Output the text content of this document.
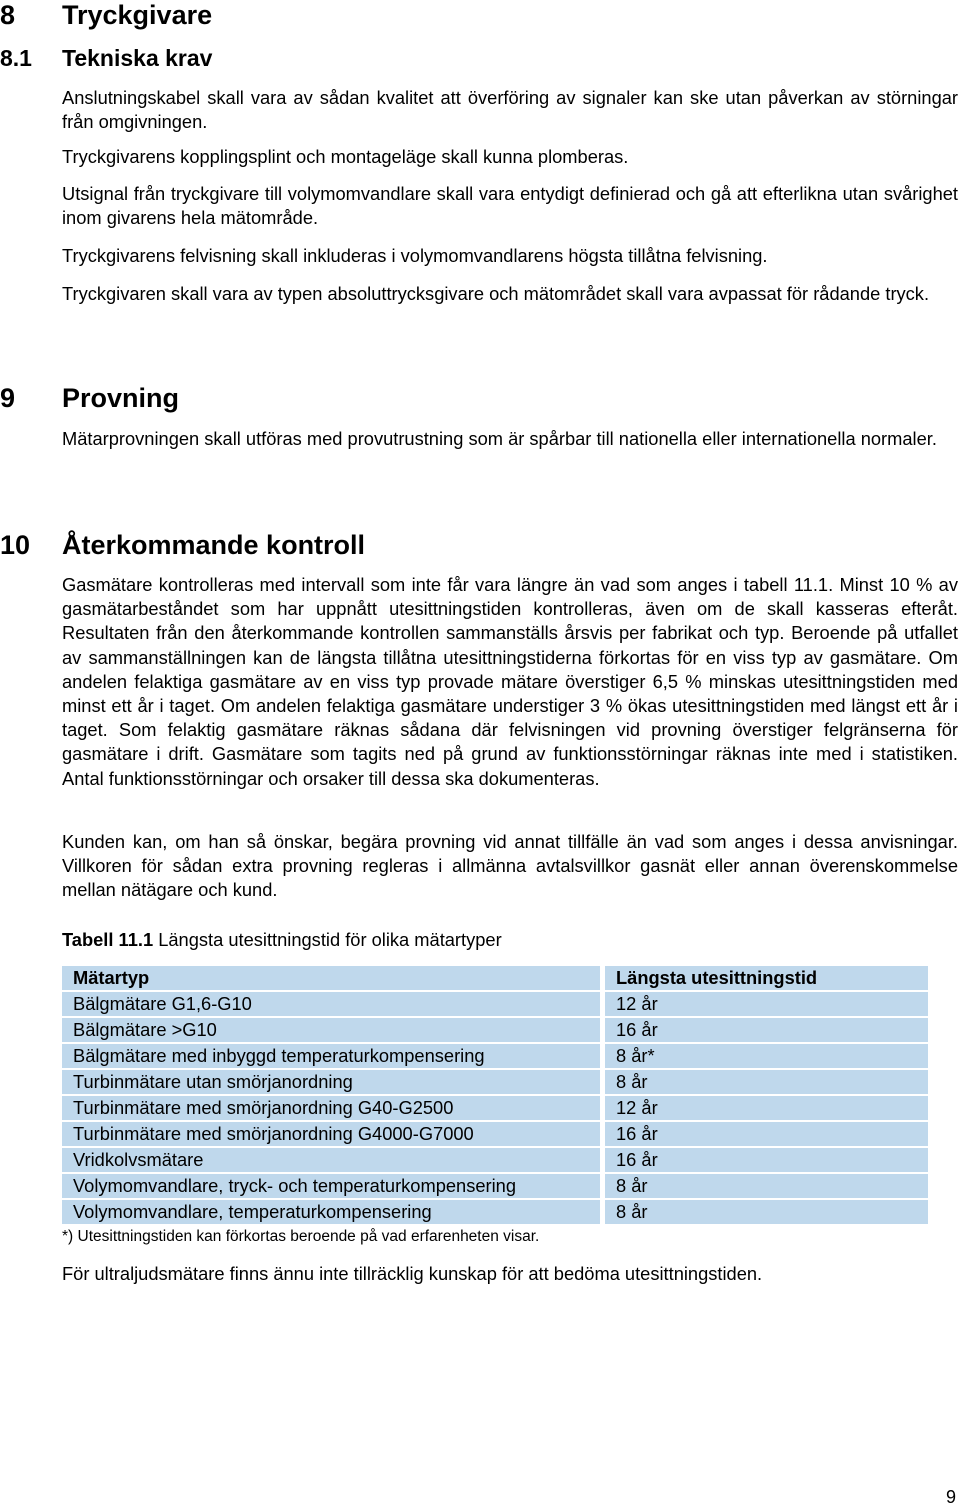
8	Tryckgivare
8.1	Tekniska krav

Anslutningskabel skall vara av sådan kvalitet att överföring av signaler kan ske utan påverkan av störningar från omgivningen.

Tryckgivarens kopplingsplint och montageläge skall kunna plomberas.

Utsignal från tryckgivare till volymomvandlare skall vara entydigt definierad och gå att efterlikna utan svårighet inom givarens hela mätområde.

Tryckgivarens felvisning skall inkluderas i volymomvandlarens högsta tillåtna felvisning.

Tryckgivaren skall vara av typen absoluttrycksgivare och mätområdet skall vara avpassat för rådande tryck.

9	Provning

Mätarprovningen skall utföras med provutrustning som är spårbar till nationella eller internationella normaler.

10	Återkommande kontroll

Gasmätare kontrolleras med intervall som inte får vara längre än vad som anges i tabell 11.1. Minst 10 % av gasmätarbeståndet som har uppnått utesittningstiden kontrolleras, även om de skall kasseras efteråt. Resultaten från den återkommande kontrollen sammanställs årsvis per fabrikat och typ. Beroende på utfallet av sammanställningen kan de längsta tillåtna utesittningstiderna förkortas för en viss typ av gasmätare. Om andelen felaktiga gasmätare av en viss typ provade mätare överstiger 6,5 % minskas utesittningstiden med minst ett år i taget. Om andelen felaktiga gasmätare understiger 3 % ökas utesittningstiden med längst ett år i taget. Som felaktig gasmätare räknas sådana där felvisningen vid provning överstiger felgränserna för gasmätare i drift. Gasmätare som tagits ned på grund av funktionsstörningar räknas inte med i statistiken. Antal funktionsstörningar och orsaker till dessa ska dokumenteras.

Kunden kan, om han så önskar, begära provning vid annat tillfälle än vad som anges i dessa anvisningar. Villkoren för sådan extra provning regleras i allmänna avtalsvillkor gasnät eller annan överenskommelse mellan nätägare och kund.

Tabell 11.1 Längsta utesittningstid för olika mätartyper

Mätartyp	Längsta utesittningstid
Bälgmätare G1,6-G10	12 år
Bälgmätare >G10	16 år
Bälgmätare med inbyggd temperaturkompensering	8 år*
Turbinmätare utan smörjanordning	8 år
Turbinmätare med smörjanordning G40-G2500	12 år
Turbinmätare med smörjanordning G4000-G7000	16 år
Vridkolvsmätare	16 år
Volymomvandlare, tryck- och temperaturkompensering	8 år
Volymomvandlare, temperaturkompensering	8 år

*) Utesittningstiden kan förkortas beroende på vad erfarenheten visar.

För ultraljudsmätare finns ännu inte tillräcklig kunskap för att bedöma utesittningstiden.

9
